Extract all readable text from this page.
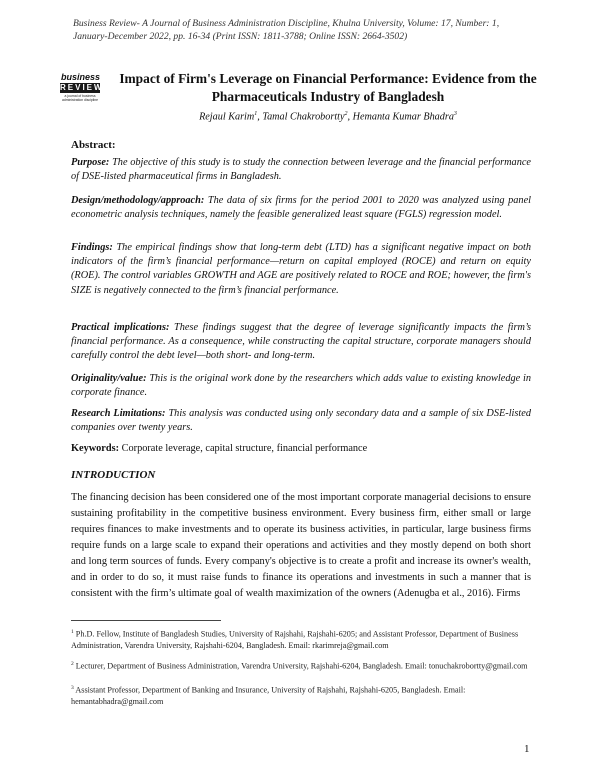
Business Review- A Journal of Business Administration Discipline, Khulna University, Volume: 17, Number: 1, January-December 2022, pp. 16-34 (Print ISSN: 1811-3788; Online ISSN: 2664-3502)
business
REVIEW
a journal of business administration discipline
Impact of Firm's Leverage on Financial Performance: Evidence from the Pharmaceuticals Industry of Bangladesh
Rejaul Karim$^1$, Tamal Chakrobortty$^2$, Hemanta Kumar Bhadra$^3$
Abstract:
Purpose: The objective of this study is to study the connection between leverage and the financial performance of DSE-listed pharmaceutical firms in Bangladesh.
Design/methodology/approach: The data of six firms for the period 2001 to 2020 was analyzed using panel econometric analysis techniques, namely the feasible generalized least square (FGLS) regression model.
Findings: The empirical findings show that long-term debt (LTD) has a significant negative impact on both indicators of the firm’s financial performance—return on capital employed (ROCE) and return on equity (ROE). The control variables GROWTH and AGE are positively related to ROCE and ROE; however, the firm's SIZE is negatively connected to the firm’s financial performance.
Practical implications: These findings suggest that the degree of leverage significantly impacts the firm’s financial performance. As a consequence, while constructing the capital structure, corporate managers should carefully control the debt level—both short- and long-term.
Originality/value: This is the original work done by the researchers which adds value to existing knowledge in corporate finance.
Research Limitations: This analysis was conducted using only secondary data and a sample of six DSE-listed companies over twenty years.
Keywords: Corporate leverage, capital structure, financial performance
INTRODUCTION
The financing decision has been considered one of the most important corporate managerial decisions to ensure sustaining profitability in the competitive business environment. Every business firm, either small or large requires finances to make investments and to operate its business activities, in particular, large business firms require funds on a large scale to expand their operations and activities and they mostly depend on both short and long term sources of funds. Every company's objective is to create a profit and increase its owner's wealth, and in order to do so, it must raise funds to finance its operations and investments in such a manner that is consistent with the firm’s ultimate goal of wealth maximization of the owners (Adenugba et al., 2016). Firms
$^1$ Ph.D. Fellow, Institute of Bangladesh Studies, University of Rajshahi, Rajshahi-6205; and Assistant Professor, Department of Business Administration, Varendra University, Rajshahi-6204, Bangladesh. Email: rkarimreja@gmail.com
$^2$ Lecturer, Department of Business Administration, Varendra University, Rajshahi-6204, Bangladesh. Email: tonuchakrobortty@gmail.com
$^3$ Assistant Professor, Department of Banking and Insurance, University of Rajshahi, Rajshahi-6205, Bangladesh. Email: hemantabhadra@gmail.com
1
